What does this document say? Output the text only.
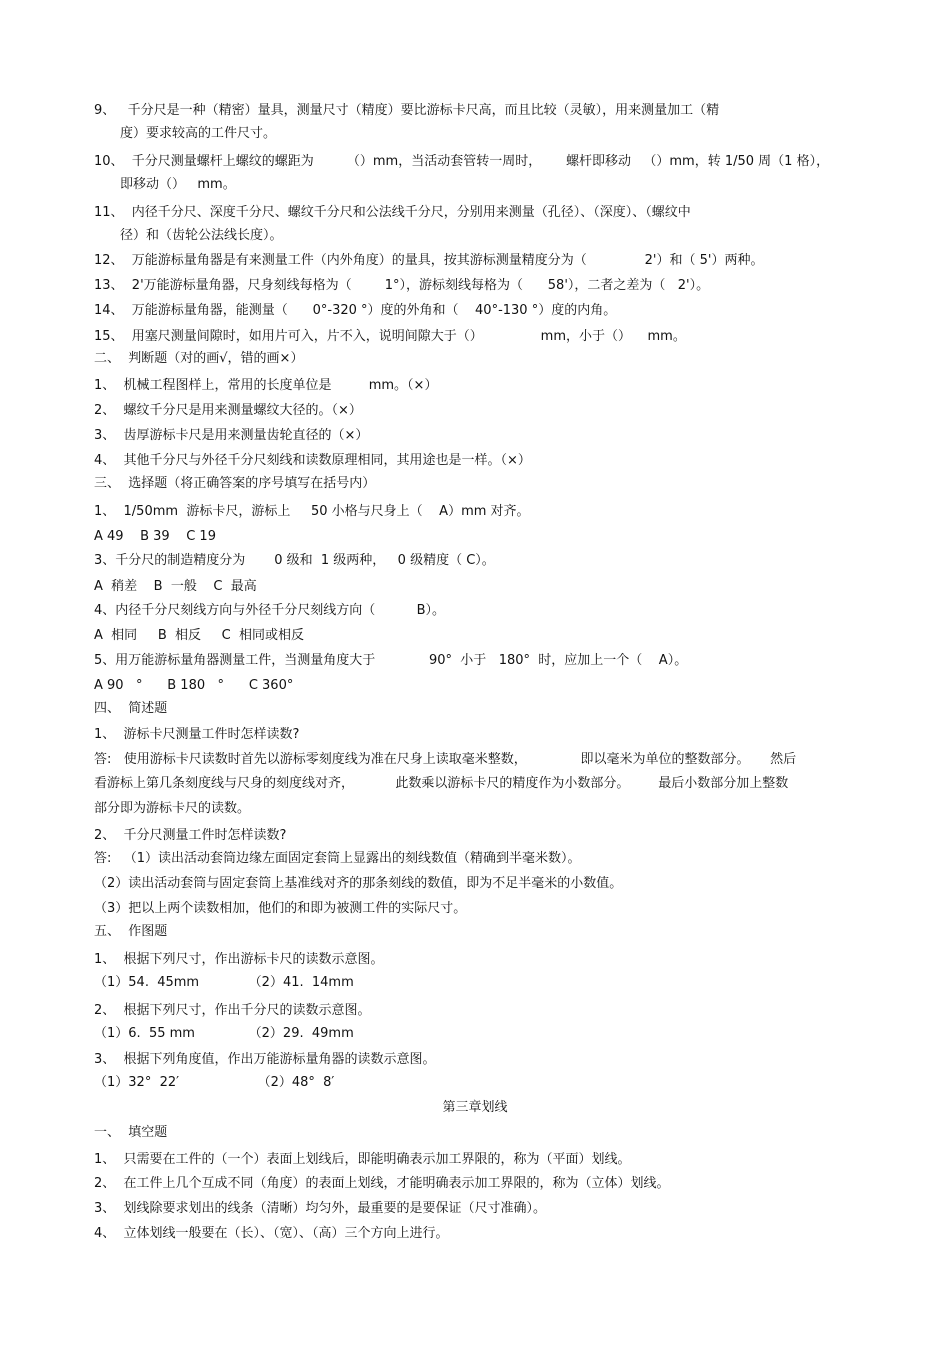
9、   千分尺是一种（精密）量具，测量尺寸（精度）要比游标卡尺高，而且比较（灵敏），用来测量加工（精
度）要求较高的工件尺寸。
10、  千分尺测量螺杆上螺纹的螺距为        （）mm，当活动套管转一周时，      螺杆即移动   （）mm，转 1/50 周（1 格），
即移动（）   mm。
11、  内径千分尺、深度千分尺、螺纹千分尺和公法线千分尺，分别用来测量（孔径）、（深度）、（螺纹中
径）和（齿轮公法线长度）。
12、  万能游标量角器是有来测量工件（内外角度）的量具，按其游标测量精度分为（              2'）和（ 5'）两种。
13、  2'万能游标量角器，尺身刻线每格为（        1°），游标刻线每格为（      58'），二者之差为（   2'）。
14、  万能游标量角器，能测量（      0°-320 °）度的外角和（    40°-130 °）度的内角。
15、  用塞尺测量间隙时，如用片可入，片不入，说明间隙大于（）              mm，小于（）    mm。
二、  判断题（对的画√，错的画×）
1、  机械工程图样上，常用的长度单位是         mm。（×）
2、  螺纹千分尺是用来测量螺纹大径的。（×）
3、  齿厚游标卡尺是用来测量齿轮直径的（×）
4、  其他千分尺与外径千分尺刻线和读数原理相同，其用途也是一样。（×）
三、  选择题（将正确答案的序号填写在括号内）
1、  1/50mm  游标卡尺，游标上     50 小格与尺身上（    A）mm 对齐。
A 49    B 39    C 19
3、千分尺的制造精度分为       0 级和  1 级两种，   0 级精度（ C）。
A  稍差    B  一般    C  最高
4、内径千分尺刻线方向与外径千分尺刻线方向（          B）。
A  相同     B  相反     C  相同或相反
5、用万能游标量角器测量工件，当测量角度大于             90°  小于   180°  时，应加上一个（    A）。
A 90   °      B 180   °      C 360°
四、  简述题
1、  游标卡尺测量工件时怎样读数?
答:   使用游标卡尺读数时首先以游标零刻度线为准在尺身上读取毫米整数，             即以毫米为单位的整数部分。     然后
看游标上第几条刻度线与尺身的刻度线对齐，          此数乘以游标卡尺的精度作为小数部分。       最后小数部分加上整数
部分即为游标卡尺的读数。
2、  千分尺测量工件时怎样读数?
答:   （1）读出活动套筒边缘左面固定套筒上显露出的刻线数值（精确到半毫米数）。
（2）读出活动套筒与固定套筒上基准线对齐的那条刻线的数值，即为不足半毫米的小数值。
（3）把以上两个读数相加，他们的和即为被测工件的实际尺寸。
五、  作图题
1、  根据下列尺寸，作出游标卡尺的读数示意图。
（1）54.  45mm            （2）41.  14mm
2、  根据下列尺寸，作出千分尺的读数示意图。
（1）6.  55 mm             （2）29.  49mm
3、  根据下列角度值，作出万能游标量角器的读数示意图。
（1）32°  22′                   （2）48°  8′
第三章划线
一、  填空题
1、  只需要在工件的（一个）表面上划线后，即能明确表示加工界限的，称为（平面）划线。
2、  在工件上几个互成不同（角度）的表面上划线，才能明确表示加工界限的，称为（立体）划线。
3、  划线除要求划出的线条（清晰）均匀外，最重要的是要保证（尺寸准确）。
4、  立体划线一般要在（长）、（宽）、（高）三个方向上进行。
